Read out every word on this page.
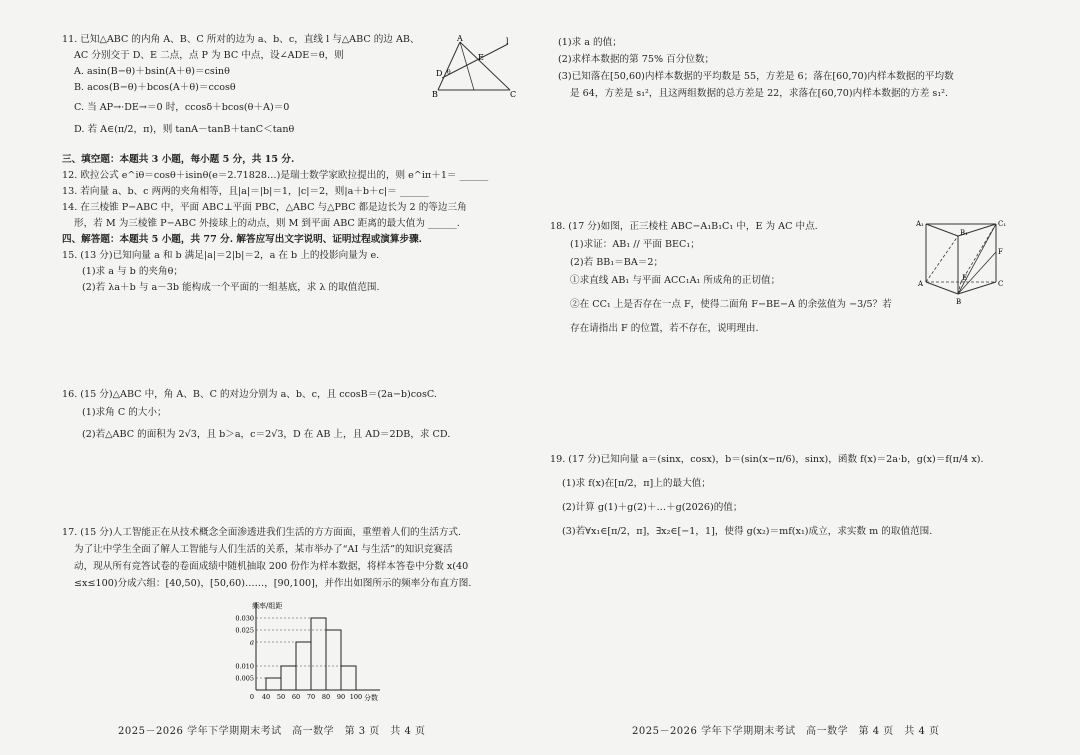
11. 已知△ABC 的内角 A、B、C 所对的边为 a、b、c，直线 l 与△ABC 的边 AB、
AC 分别交于 D、E 二点，点 P 为 BC 中点，设∠ADE＝θ，则
A. asin(B−θ)＋bsin(A＋θ)＝csinθ
B. acos(B−θ)＋bcos(A＋θ)＝ccosθ
C. 当 AP→·DE→＝0 时，ccosδ＋bcos(θ＋A)＝0
D. 若 A∈(π/2，π)，则 tanA－tanB＋tanC＜tanθ
A
B	C
D
E
l
θ
三、填空题：本题共 3 小题，每小题 5 分，共 15 分.
12. 欧拉公式 e^iθ＝cosθ＋isinθ(e＝2.71828…)是瑞士数学家欧拉提出的，则 e^iπ＋1＝ ______
13. 若向量 a、b、c 两两的夹角相等，且|a|＝|b|＝1，|c|＝2，则|a＋b＋c|＝ ______
14. 在三棱锥 P−ABC 中，平面 ABC⊥平面 PBC，△ABC 与△PBC 都是边长为 2 的等边三角
形，若 M 为三棱锥 P−ABC 外接球上的动点，则 M 到平面 ABC 距离的最大值为 ______.
四、解答题：本题共 5 小题，共 77 分. 解答应写出文字说明、证明过程或演算步骤.
15. (13 分)已知向量 a 和 b 满足|a|＝2|b|＝2，a 在 b 上的投影向量为 e.
(1)求 a 与 b 的夹角θ；
(2)若 λa＋b 与 a－3b 能构成一个平面的一组基底，求 λ 的取值范围.
16. (15 分)△ABC 中，角 A、B、C 的对边分别为 a、b、c，且 ccosB＝(2a−b)cosC.
(1)求角 C 的大小；
(2)若△ABC 的面积为 2√3，且 b＞a，c＝2√3，D 在 AB 上，且 AD＝2DB，求 CD.
17. (15 分)人工智能正在从技术概念全面渗透进我们生活的方方面面，重塑着人们的生活方式.
为了让中学生全面了解人工智能与人们生活的关系，某市举办了“AI 与生活”的知识竞赛活
动，现从所有竞答试卷的卷面成绩中随机抽取 200 份作为样本数据，将样本答卷中分数 x(40
≤x≤100)分成六组：[40,50)，[50,60)……，[90,100]，并作出如图所示的频率分布直方图.
频率/组距
分数
0.005
0.010
0.025
0.030
a
0 40 50 60 70 80 90 100
2025－2026 学年下学期期末考试　高一数学　第 3 页　共 4 页
(1)求 a 的值；
(2)求样本数据的第 75% 百分位数；
(3)已知落在[50,60)内样本数据的平均数是 55，方差是 6；落在[60,70)内样本数据的平均数
是 64，方差是 s₁²，且这两组数据的总方差是 22，求落在[60,70)内样本数据的方差 s₁².
18. (17 分)如图，正三棱柱 ABC−A₁B₁C₁ 中，E 为 AC 中点.
(1)求证：AB₁ // 平面 BEC₁；
(2)若 BB₁＝BA＝2；
①求直线 AB₁ 与平面 ACC₁A₁ 所成角的正切值；
②在 CC₁ 上是否存在一点 F，使得二面角 F−BE−A 的余弦值为 −3/5？若
存在请指出 F 的位置，若不存在，说明理由.
A₁
B₁
C₁
A
B
C
E
F
19. (17 分)已知向量 a＝(sinx，cosx)，b＝(sin(x−π/6)，sinx)，函数 f(x)＝2a·b，g(x)＝f(π/4 x).
(1)求 f(x)在[π/2，π]上的最大值；
(2)计算 g(1)＋g(2)＋…＋g(2026)的值；
(3)若∀x₁∈[π/2，π]，∃x₂∈[−1，1]，使得 g(x₂)＝mf(x₁)成立，求实数 m 的取值范围.
2025－2026 学年下学期期末考试　高一数学　第 4 页　共 4 页
